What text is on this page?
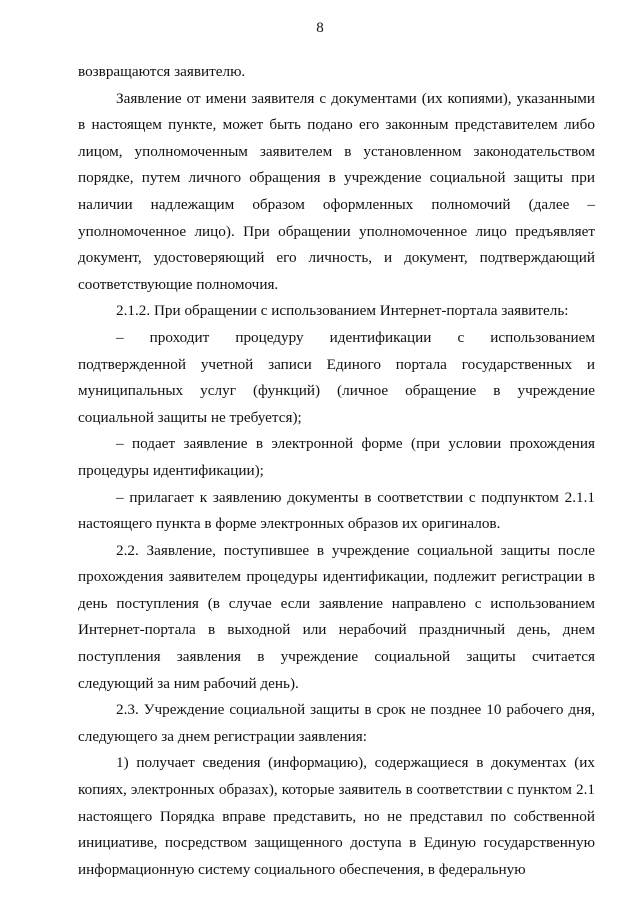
8

возвращаются заявителю.

Заявление от имени заявителя с документами (их копиями), указанными в настоящем пункте, может быть подано его законным представителем либо лицом, уполномоченным заявителем в установленном законодательством порядке, путем личного обращения в учреждение социальной защиты при наличии надлежащим образом оформленных полномочий (далее – уполномоченное лицо). При обращении уполномоченное лицо предъявляет документ, удостоверяющий его личность, и документ, подтверждающий соответствующие полномочия.

2.1.2. При обращении с использованием Интернет-портала заявитель:

– проходит процедуру идентификации с использованием подтвержденной учетной записи Единого портала государственных и муниципальных услуг (функций) (личное обращение в учреждение социальной защиты не требуется);

– подает заявление в электронной форме (при условии прохождения процедуры идентификации);

– прилагает к заявлению документы в соответствии с подпунктом 2.1.1 настоящего пункта в форме электронных образов их оригиналов.

2.2. Заявление, поступившее в учреждение социальной защиты после прохождения заявителем процедуры идентификации, подлежит регистрации в день поступления (в случае если заявление направлено с использованием Интернет-портала в выходной или нерабочий праздничный день, днем поступления заявления в учреждение социальной защиты считается следующий за ним рабочий день).

2.3. Учреждение социальной защиты в срок не позднее 10 рабочего дня, следующего за днем регистрации заявления:

1) получает сведения (информацию), содержащиеся в документах (их копиях, электронных образах), которые заявитель в соответствии с пунктом 2.1 настоящего Порядка вправе представить, но не представил по собственной инициативе, посредством защищенного доступа в Единую государственную информационную систему социального обеспечения, в федеральную
